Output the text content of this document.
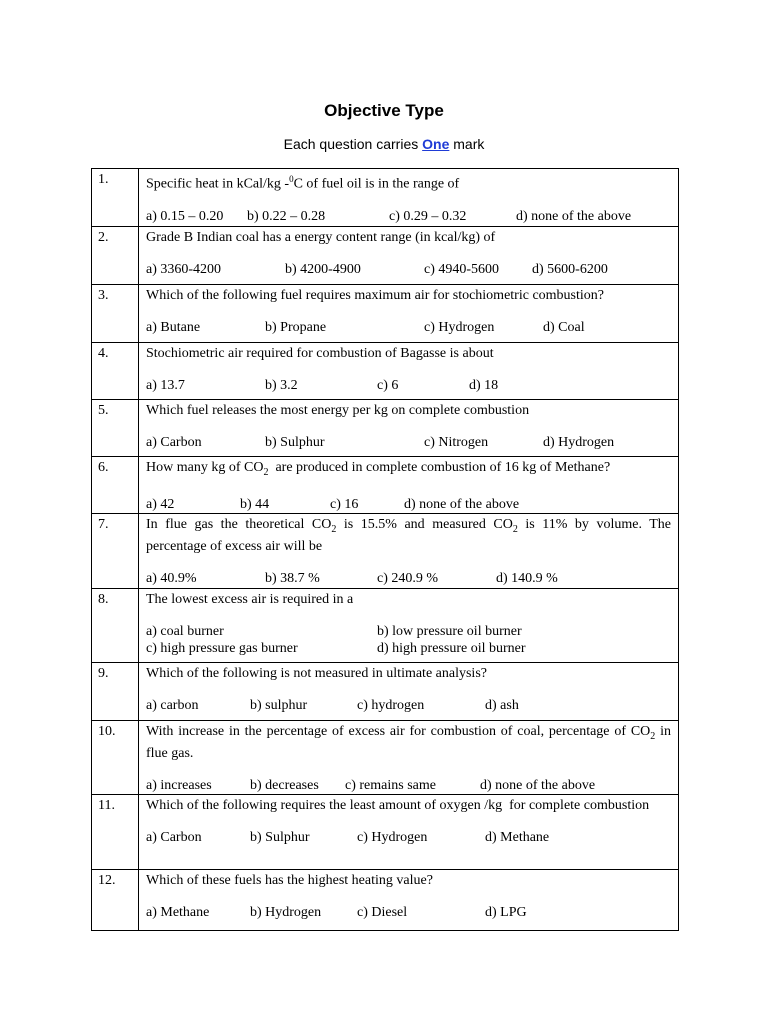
Objective Type
Each question carries One mark
1.	Specific heat in kCal/kg -$^0$C of fuel oil is in the range of
a) 0.15 – 0.20 b) 0.22 – 0.28 c) 0.29 – 0.32 d) none of the above

2.	Grade B Indian coal has a energy content range (in kcal/kg) of
a) 3360-4200 b) 4200-4900 c) 4940-5600 d) 5600-6200

3.	Which of the following fuel requires maximum air for stochiometric combustion?
a) Butane b) Propane c) Hydrogen d) Coal

4.	Stochiometric air required for combustion of Bagasse is about
a) 13.7 b) 3.2 c) 6 d) 18

5.	Which fuel releases the most energy per kg on complete combustion
a) Carbon b) Sulphur c) Nitrogen d) Hydrogen

6.	How many kg of $CO_2$  are produced in complete combustion of 16 kg of Methane?
a) 42 b) 44 c) 16 d) none of the above

7.	In flue gas the theoretical $CO_2$ is 15.5% and measured $CO_2$ is 11% by volume. The percentage of excess air will be
a) 40.9% b) 38.7 % c) 240.9 % d) 140.9 %

8.	The lowest excess air is required in a
a) coal burner b) low pressure oil burner
c) high pressure gas burner d) high pressure oil burner

9.	Which of the following is not measured in ultimate analysis?
a) carbon b) sulphur c) hydrogen d) ash

10.	With increase in the percentage of excess air for combustion of coal, percentage of $CO_2$ in flue gas.
a) increases b) decreases c) remains same d) none of the above

11.	Which of the following requires the least amount of oxygen /kg  for complete combustion
a) Carbon b) Sulphur c) Hydrogen d) Methane

12.	Which of these fuels has the highest heating value?
a) Methane b) Hydrogen c) Diesel d) LPG
